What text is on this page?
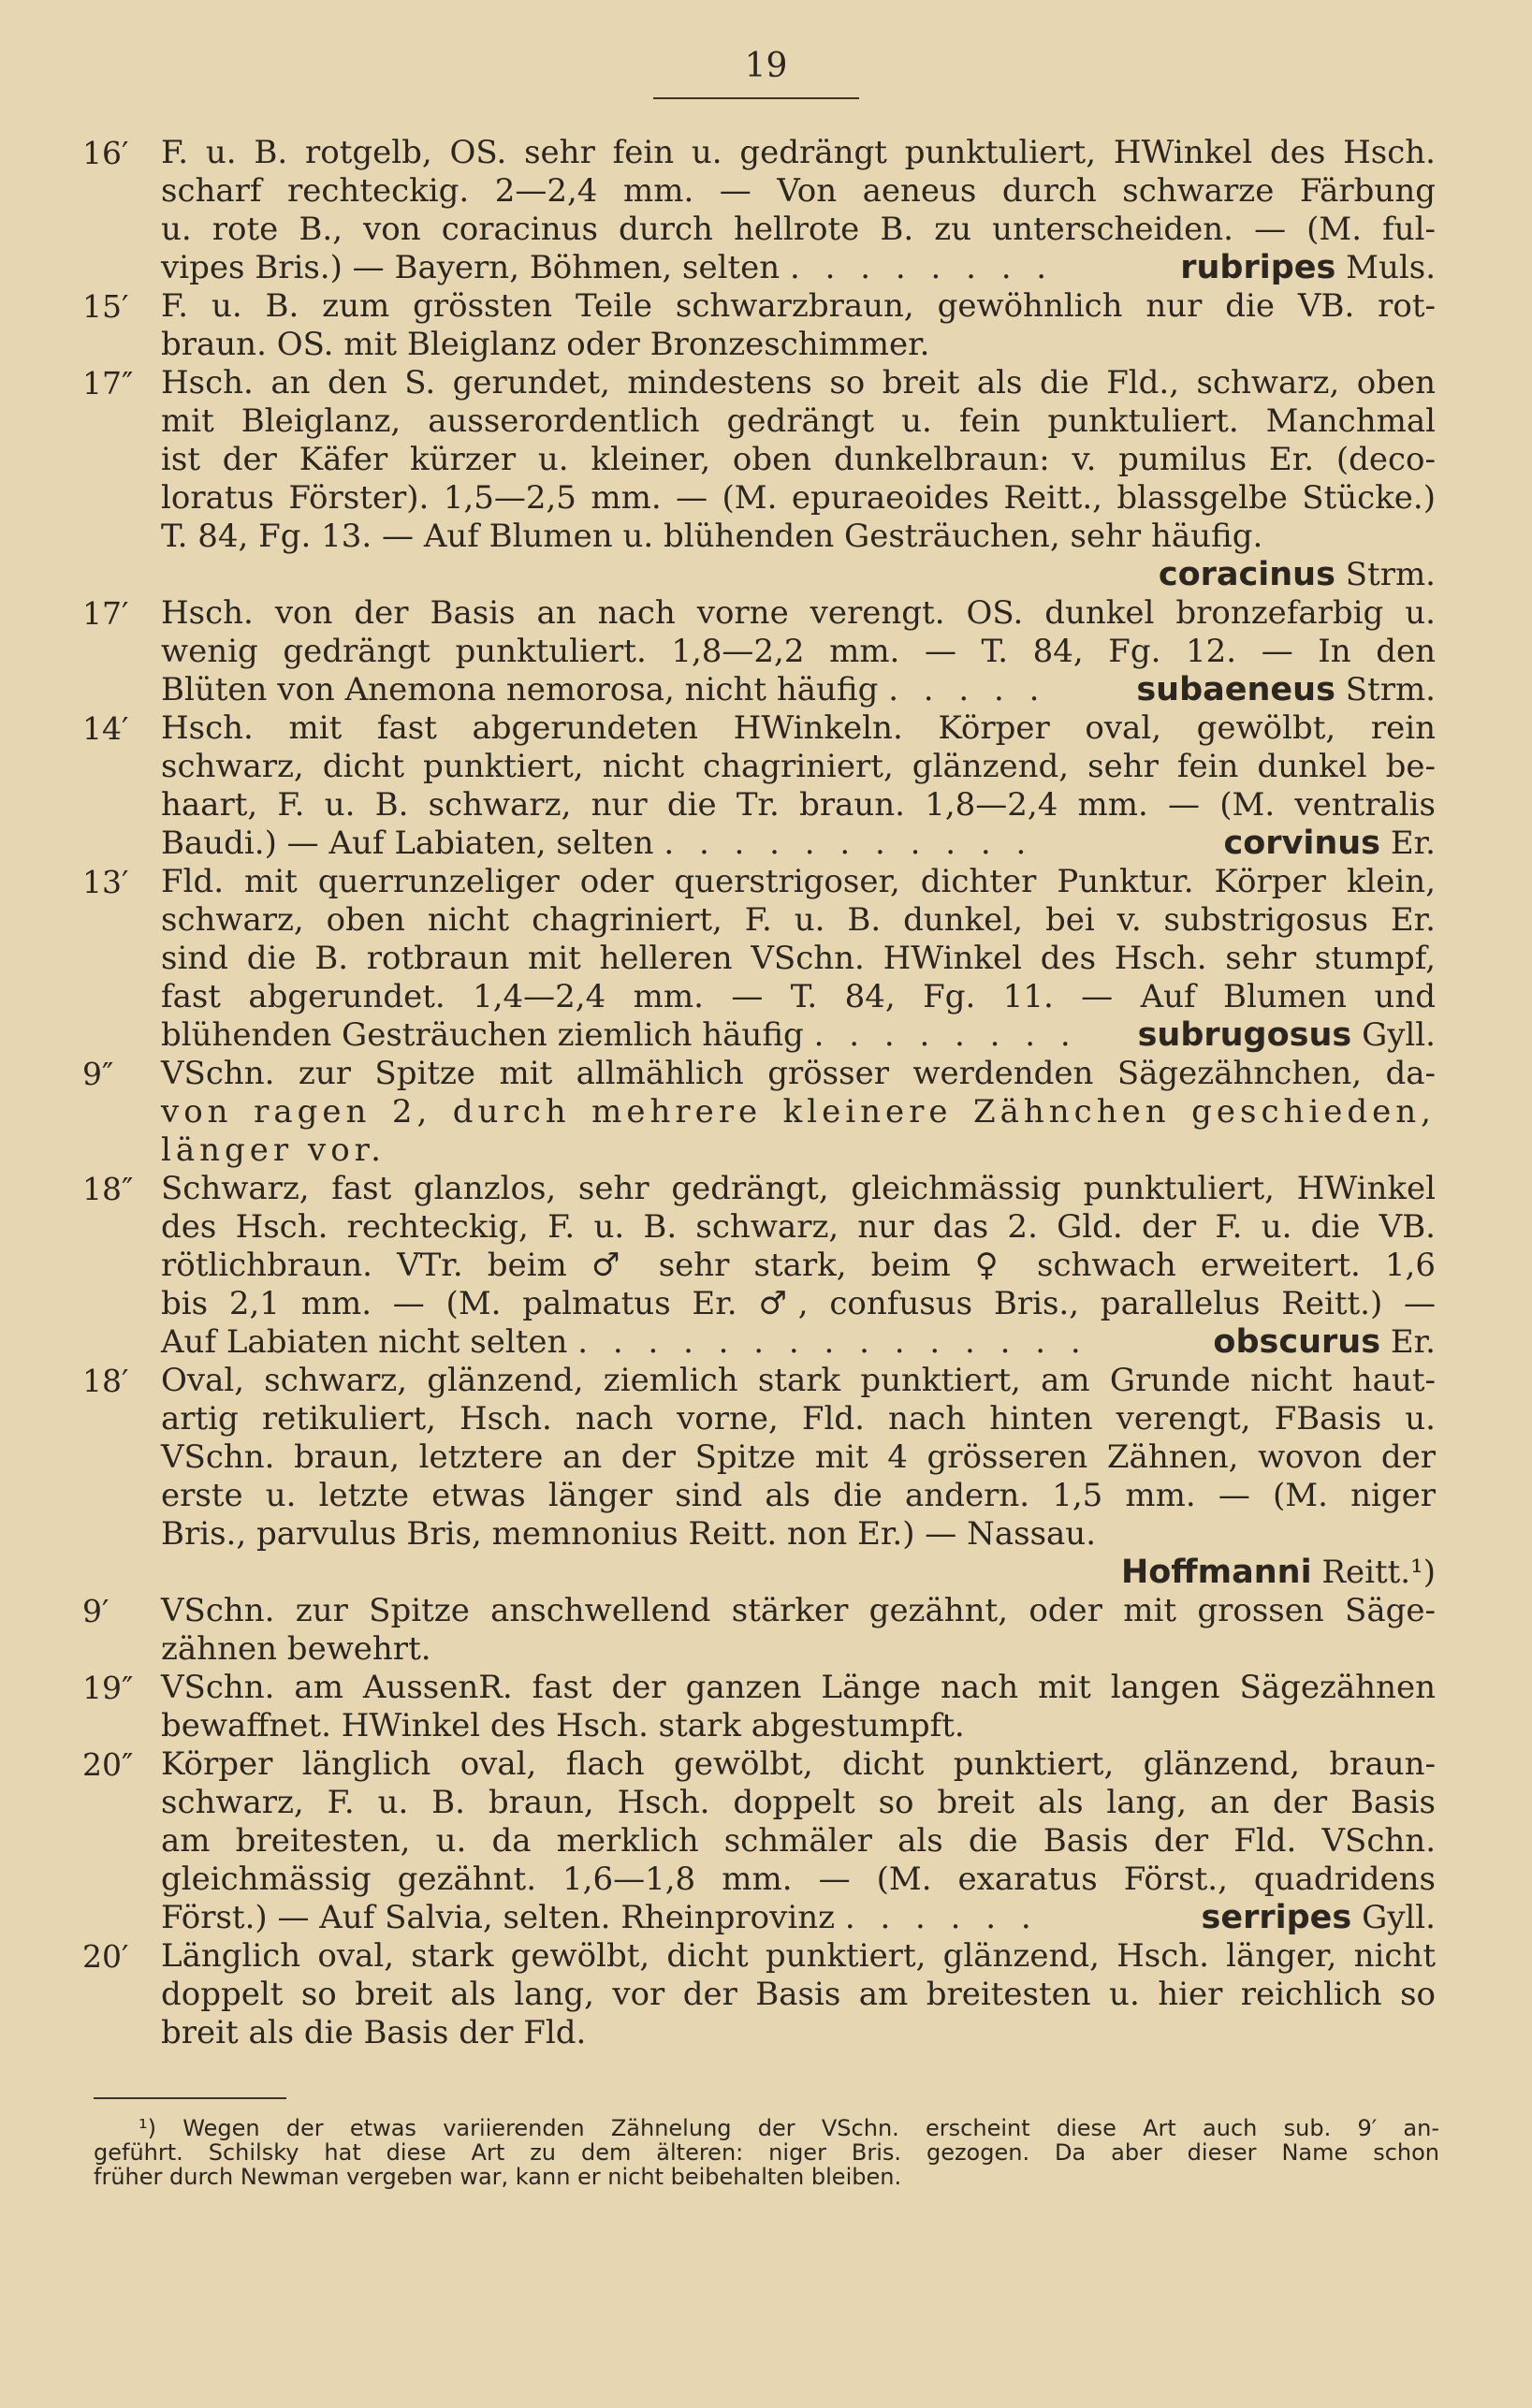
19
16′	F. u. B. rotgelb, OS. sehr fein u. gedrängt punktuliert, HWinkel des Hsch.
scharf rechteckig. 2—2,4 mm. — Von aeneus durch schwarze Färbung
u. rote B., von coracinus durch hellrote B. zu unterscheiden. — (M. ful-
vipes Bris.) — Bayern, Böhmen, selten . . . . . . . .	rubripes Muls.
15′	F. u. B. zum grössten Teile schwarzbraun, gewöhnlich nur die VB. rot-
braun. OS. mit Bleiglanz oder Bronzeschimmer.
17″ Hsch. an den S. gerundet, mindestens so breit als die Fld., schwarz, oben
mit Bleiglanz, ausserordentlich gedrängt u. fein punktuliert. Manchmal
ist der Käfer kürzer u. kleiner, oben dunkelbraun: v. pumilus Er. (deco-
loratus Förster). 1,5—2,5 mm. — (M. epuraeoides Reitt., blassgelbe Stücke.)
T. 84, Fg. 13. — Auf Blumen u. blühenden Gesträuchen, sehr häufig.
coracinus Strm.
17′	Hsch. von der Basis an nach vorne verengt. OS. dunkel bronzefarbig u.
wenig gedrängt punktuliert. 1,8—2,2 mm. — T. 84, Fg. 12. — In den
Blüten von Anemona nemorosa, nicht häufig . . . . .	subaeneus Strm.
14′	Hsch. mit fast abgerundeten HWinkeln. Körper oval, gewölbt, rein
schwarz, dicht punktiert, nicht chagriniert, glänzend, sehr fein dunkel be-
haart, F. u. B. schwarz, nur die Tr. braun. 1,8—2,4 mm. — (M. ventralis
Baudi.) — Auf Labiaten, selten . . . . . . . . . . .	corvinus Er.
13′	Fld. mit querrunzeliger oder querstrigoser, dichter Punktur. Körper klein,
schwarz, oben nicht chagriniert, F. u. B. dunkel, bei v. substrigosus Er.
sind die B. rotbraun mit helleren VSchn. HWinkel des Hsch. sehr stumpf,
fast abgerundet. 1,4—2,4 mm. — T. 84, Fg. 11. — Auf Blumen und
blühenden Gesträuchen ziemlich häufig . . . . . . . . subrugosus Gyll.
9″	VSchn. zur Spitze mit allmählich grösser werdenden Sägezähnchen, da-
von ragen 2, durch mehrere kleinere Zähnchen geschieden,
länger vor.
18″ Schwarz, fast glanzlos, sehr gedrängt, gleichmässig punktuliert, HWinkel
des Hsch. rechteckig, F. u. B. schwarz, nur das 2. Gld. der F. u. die VB.
rötlichbraun. VTr. beim ♂ sehr stark, beim ♀ schwach erweitert. 1,6
bis 2,1 mm. — (M. palmatus Er. ♂, confusus Bris., parallelus Reitt.) —
Auf Labiaten nicht selten . . . . . . . . . . . . . . .	obscurus Er.
18′	Oval, schwarz, glänzend, ziemlich stark punktiert, am Grunde nicht haut-
artig retikuliert, Hsch. nach vorne, Fld. nach hinten verengt, FBasis u.
VSchn. braun, letztere an der Spitze mit 4 grösseren Zähnen, wovon der
erste u. letzte etwas länger sind als die andern. 1,5 mm. — (M. niger
Bris., parvulus Bris, memnonius Reitt. non Er.) — Nassau.
Hoffmanni Reitt.¹)
9′	VSchn. zur Spitze anschwellend stärker gezähnt, oder mit grossen Säge-
zähnen bewehrt.
19″ VSchn. am AussenR. fast der ganzen Länge nach mit langen Sägezähnen
bewaffnet. HWinkel des Hsch. stark abgestumpft.
20″ Körper länglich oval, flach gewölbt, dicht punktiert, glänzend, braun-
schwarz, F. u. B. braun, Hsch. doppelt so breit als lang, an der Basis
am breitesten, u. da merklich schmäler als die Basis der Fld. VSchn.
gleichmässig gezähnt. 1,6—1,8 mm. — (M. exaratus Först., quadridens
Först.) — Auf Salvia, selten. Rheinprovinz . . . . . .	serripes Gyll.
20′	Länglich oval, stark gewölbt, dicht punktiert, glänzend, Hsch. länger, nicht
doppelt so breit als lang, vor der Basis am breitesten u. hier reichlich so
breit als die Basis der Fld.
¹) Wegen der etwas variierenden Zähnelung der VSchn. erscheint diese Art auch sub. 9′ an-
geführt. Schilsky hat diese Art zu dem älteren: niger Bris. gezogen. Da aber dieser Name schon
früher durch Newman vergeben war, kann er nicht beibehalten bleiben.
